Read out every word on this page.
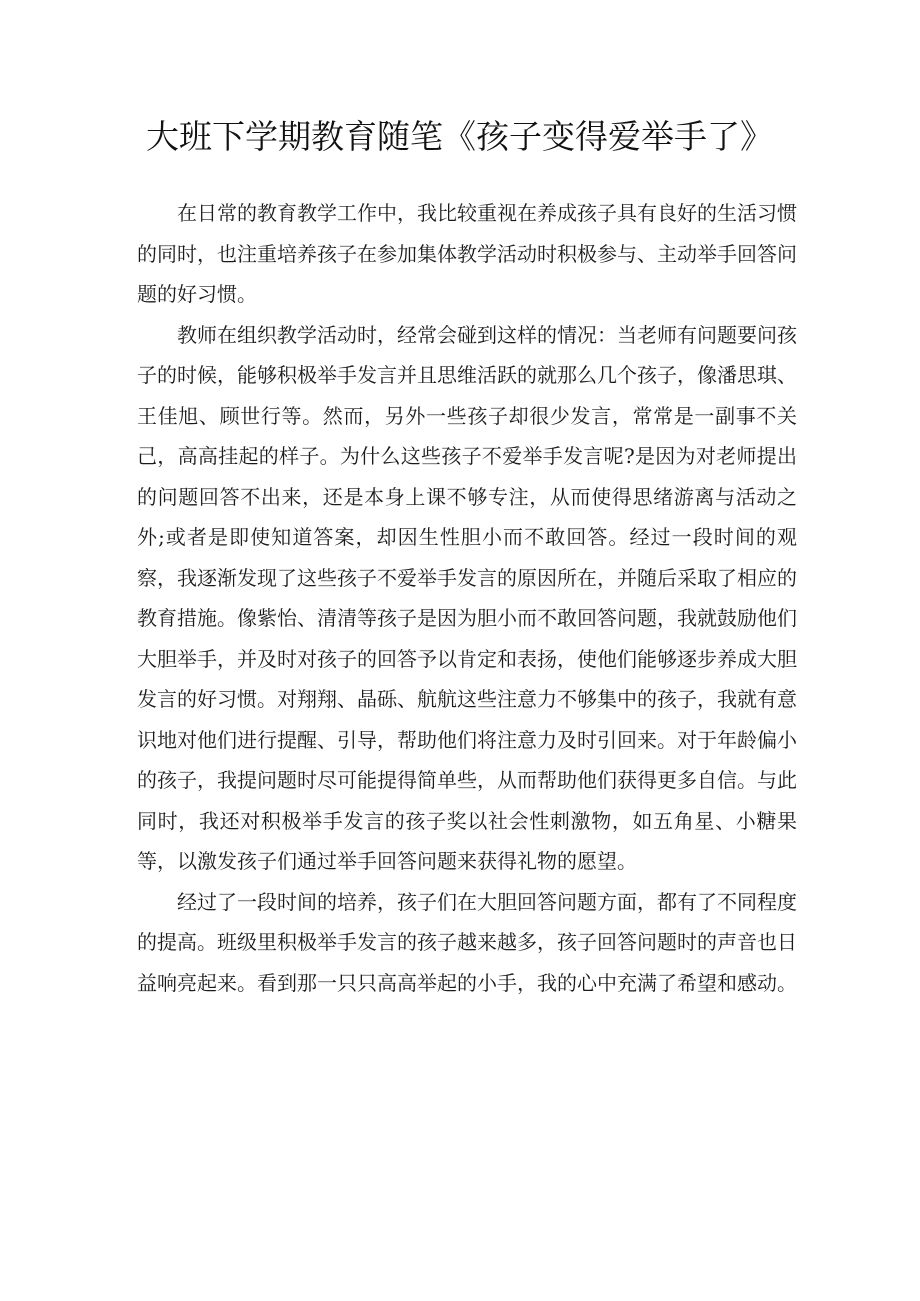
大班下学期教育随笔《孩子变得爱举手了》

在日常的教育教学工作中，我比较重视在养成孩子具有良好的生活习惯的同时，也注重培养孩子在参加集体教学活动时积极参与、主动举手回答问题的好习惯。

教师在组织教学活动时，经常会碰到这样的情况：当老师有问题要问孩子的时候，能够积极举手发言并且思维活跃的就那么几个孩子，像潘思琪、王佳旭、顾世行等。然而，另外一些孩子却很少发言，常常是一副事不关己，高高挂起的样子。为什么这些孩子不爱举手发言呢?是因为对老师提出的问题回答不出来，还是本身上课不够专注，从而使得思绪游离与活动之外;或者是即使知道答案，却因生性胆小而不敢回答。经过一段时间的观察，我逐渐发现了这些孩子不爱举手发言的原因所在，并随后采取了相应的教育措施。像紫怡、清清等孩子是因为胆小而不敢回答问题，我就鼓励他们大胆举手，并及时对孩子的回答予以肯定和表扬，使他们能够逐步养成大胆发言的好习惯。对翔翔、晶砾、航航这些注意力不够集中的孩子，我就有意识地对他们进行提醒、引导，帮助他们将注意力及时引回来。对于年龄偏小的孩子，我提问题时尽可能提得简单些，从而帮助他们获得更多自信。与此同时，我还对积极举手发言的孩子奖以社会性刺激物，如五角星、小糖果等，以激发孩子们通过举手回答问题来获得礼物的愿望。

经过了一段时间的培养，孩子们在大胆回答问题方面，都有了不同程度的提高。班级里积极举手发言的孩子越来越多，孩子回答问题时的声音也日益响亮起来。看到那一只只高高举起的小手，我的心中充满了希望和感动。
